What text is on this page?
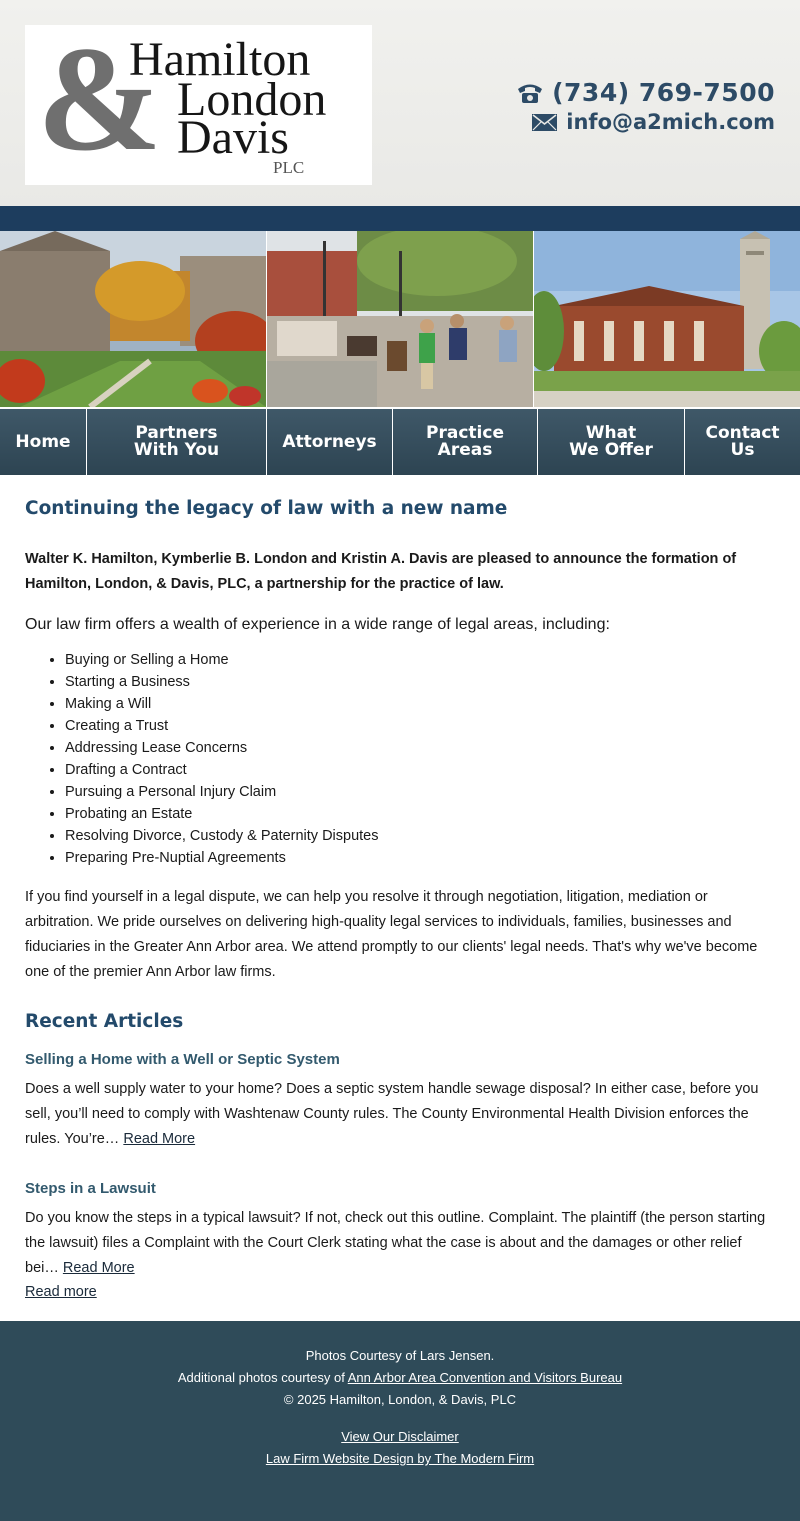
&
Hamilton
London
Davis
PLC
(734) 769-7500
info@a2mich.com
Home	Partners
With You	Attorneys	Practice
Areas
What
We Offer
Contact
Us
Continuing the legacy of law with a new name

Walter K. Hamilton, Kymberlie B. London and Kristin A. Davis are pleased to announce the formation of Hamilton, London, & Davis, PLC, a partnership for the practice of law.

Our law firm offers a wealth of experience in a wide range of legal areas, including:

• Buying or Selling a Home
• Starting a Business
• Making a Will
• Creating a Trust
• Addressing Lease Concerns
• Drafting a Contract
• Pursuing a Personal Injury Claim
• Probating an Estate
• Resolving Divorce, Custody & Paternity Disputes
• Preparing Pre-Nuptial Agreements

If you find yourself in a legal dispute, we can help you resolve it through negotiation, litigation, mediation or arbitration. We pride ourselves on delivering high-quality legal services to individuals, families, businesses and fiduciaries in the Greater Ann Arbor area. We attend promptly to our clients' legal needs. That's why we've become one of the premier Ann Arbor law firms.

Recent Articles
Selling a Home with a Well or Septic System

Does a well supply water to your home? Does a septic system handle sewage disposal? In either case, before you sell, you’ll need to comply with Washtenaw County rules. The County Environmental Health Division enforces the rules. You’re… Read More

Steps in a Lawsuit

Do you know the steps in a typical lawsuit? If not, check out this outline. Complaint. The plaintiff (the person starting the lawsuit) files a Complaint with the Court Clerk stating what the case is about and the damages or other relief bei… Read More

Read more

Photos Courtesy of Lars Jensen.
Additional photos courtesy of Ann Arbor Area Convention and Visitors Bureau
© 2025 Hamilton, London, & Davis, PLC
View Our Disclaimer
Law Firm Website Design by The Modern Firm
